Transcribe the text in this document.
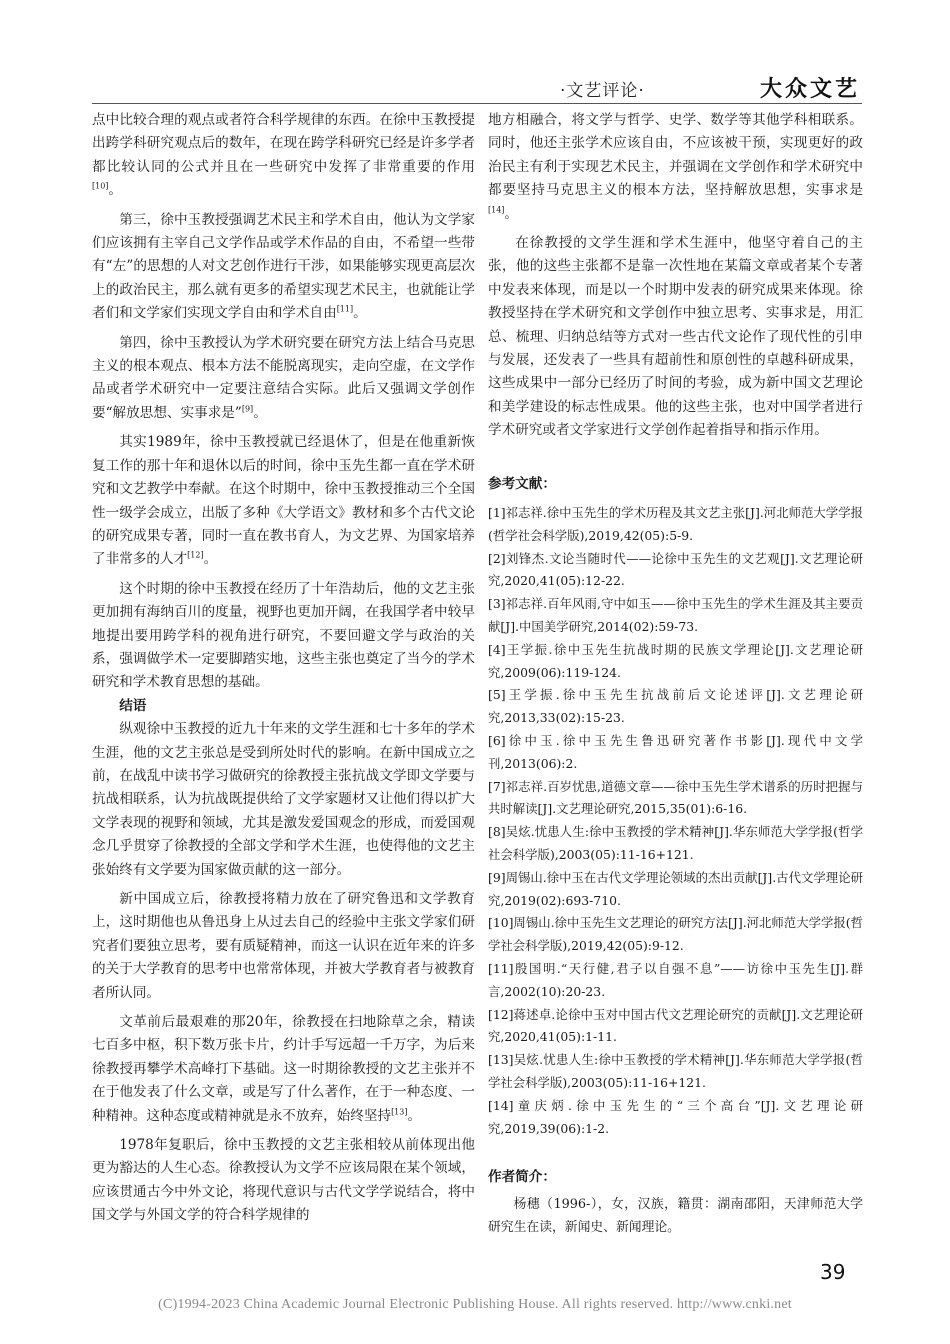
·文艺评论·	大众文艺

点中比较合理的观点或者符合科学规律的东西。在徐中玉教授提出跨学科研究观点后的数年，在现在跨学科研究已经是许多学者都比较认同的公式并且在一些研究中发挥了非常重要的作用[10]。

第三，徐中玉教授强调艺术民主和学术自由，他认为文学家们应该拥有主宰自己文学作品或学术作品的自由，不希望一些带有“左”的思想的人对文艺创作进行干涉，如果能够实现更高层次上的政治民主，那么就有更多的希望实现艺术民主，也就能让学者们和文学家们实现文学自由和学术自由[11]。

第四，徐中玉教授认为学术研究要在研究方法上结合马克思主义的根本观点、根本方法不能脱离现实，走向空虚，在文学作品或者学术研究中一定要注意结合实际。此后又强调文学创作要“解放思想、实事求是”[9]。

其实1989年，徐中玉教授就已经退休了，但是在他重新恢复工作的那十年和退休以后的时间，徐中玉先生都一直在学术研究和文艺教学中奉献。在这个时期中，徐中玉教授推动三个全国性一级学会成立，出版了多种《大学语文》教材和多个古代文论的研究成果专著，同时一直在教书育人，为文艺界、为国家培养了非常多的人才[12]。

这个时期的徐中玉教授在经历了十年浩劫后，他的文艺主张更加拥有海纳百川的度量，视野也更加开阔，在我国学者中较早地提出要用跨学科的视角进行研究，不要回避文学与政治的关系，强调做学术一定要脚踏实地，这些主张也奠定了当今的学术研究和学术教育思想的基础。

结语

纵观徐中玉教授的近九十年来的文学生涯和七十多年的学术生涯，他的文艺主张总是受到所处时代的影响。在新中国成立之前，在战乱中读书学习做研究的徐教授主张抗战文学即文学要与抗战相联系，认为抗战既提供给了文学家题材又让他们得以扩大文学表现的视野和领域，尤其是激发爱国观念的形成，而爱国观念几乎贯穿了徐教授的全部文学和学术生涯，也使得他的文艺主张始终有文学要为国家做贡献的这一部分。

新中国成立后，徐教授将精力放在了研究鲁迅和文学教育上，这时期他也从鲁迅身上从过去自己的经验中主张文学家们研究者们要独立思考，要有质疑精神，而这一认识在近年来的许多的关于大学教育的思考中也常常体现，并被大学教育者与被教育者所认同。

文革前后最艰难的那20年，徐教授在扫地除草之余，精读七百多中枢，积下数万张卡片，约计手写远超一千万字，为后来徐教授再攀学术高峰打下基础。这一时期徐教授的文艺主张并不在于他发表了什么文章，或是写了什么著作，在于一种态度、一种精神。这种态度或精神就是永不放弃，始终坚持[13]。

1978年复职后，徐中玉教授的文艺主张相较从前体现出他更为豁达的人生心态。徐教授认为文学不应该局限在某个领域，应该贯通古今中外文论，将现代意识与古代文学学说结合，将中国文学与外国文学的符合科学规律的

地方相融合，将文学与哲学、史学、数学等其他学科相联系。同时，他还主张学术应该自由，不应该被干预，实现更好的政治民主有利于实现艺术民主，并强调在文学创作和学术研究中都要坚持马克思主义的根本方法，坚持解放思想，实事求是[14]。

在徐教授的文学生涯和学术生涯中，他坚守着自己的主张，他的这些主张都不是靠一次性地在某篇文章或者某个专著中发表来体现，而是以一个时期中发表的研究成果来体现。徐教授坚持在学术研究和文学创作中独立思考、实事求是，用汇总、梳理、归纳总结等方式对一些古代文论作了现代性的引申与发展，还发表了一些具有超前性和原创性的卓越科研成果，这些成果中一部分已经历了时间的考验，成为新中国文艺理论和美学建设的标志性成果。他的这些主张，也对中国学者进行学术研究或者文学家进行文学创作起着指导和指示作用。

参考文献：
[1]祁志祥.徐中玉先生的学术历程及其文艺主张[J].河北师范大学学报(哲学社会科学版),2019,42(05):5-9.
[2]刘锋杰.文论当随时代——论徐中玉先生的文艺观[J].文艺理论研究,2020,41(05):12-22.
[3]祁志祥.百年风雨,守中如玉——徐中玉先生的学术生涯及其主要贡献[J].中国美学研究,2014(02):59-73.
[4]王学振.徐中玉先生抗战时期的民族文学理论[J].文艺理论研究,2009(06):119-124.
[5]王学振.徐中玉先生抗战前后文论述评[J].文艺理论研究,2013,33(02):15-23.
[6]徐中玉.徐中玉先生鲁迅研究著作书影[J].现代中文学刊,2013(06):2.
[7]祁志祥.百岁忧患,道德文章——徐中玉先生学术谱系的历时把握与共时解读[J].文艺理论研究,2015,35(01):6-16.
[8]吴炫.忧患人生:徐中玉教授的学术精神[J].华东师范大学学报(哲学社会科学版),2003(05):11-16+121.
[9]周锡山.徐中玉在古代文学理论领域的杰出贡献[J].古代文学理论研究,2019(02):693-710.
[10]周锡山.徐中玉先生文艺理论的研究方法[J].河北师范大学学报(哲学社会科学版),2019,42(05):9-12.
[11]殷国明.“天行健,君子以自强不息”——访徐中玉先生[J].群言,2002(10):20-23.
[12]蒋述卓.论徐中玉对中国古代文艺理论研究的贡献[J].文艺理论研究,2020,41(05):1-11.
[13]吴炫.忧患人生:徐中玉教授的学术精神[J].华东师范大学学报(哲学社会科学版),2003(05):11-16+121.
[14]童庆炳.徐中玉先生的“三个高台”[J].文艺理论研究,2019,39(06):1-2.
作者简介：
杨穗（1996-），女，汉族，籍贯：湖南邵阳，天津师范大学研究生在读，新闻史、新闻理论。
39
(C)1994-2023 China Academic Journal Electronic Publishing House. All rights reserved. http://www.cnki.net
